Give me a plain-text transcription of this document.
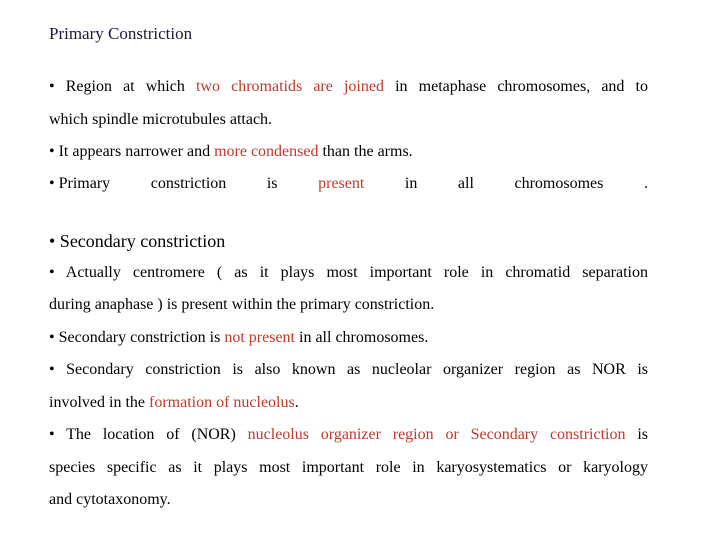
Primary Constriction

• Region at which two chromatids are joined in metaphase chromosomes, and to

which spindle microtubules attach.

• It appears narrower and more condensed than the arms.

• Primary	constriction	is	present	in	all	chromosomes	.

• Secondary constriction

• Actually centromere ( as it plays most important role in chromatid separation

during anaphase ) is present within the primary constriction.

• Secondary constriction is not present in all chromosomes.

• Secondary constriction is also known as nucleolar organizer region as NOR is

involved in the formation of nucleolus.

• The location of (NOR) nucleolus organizer region or Secondary constriction is

species specific as it plays most important role in karyosystematics or karyology

and cytotaxonomy.
